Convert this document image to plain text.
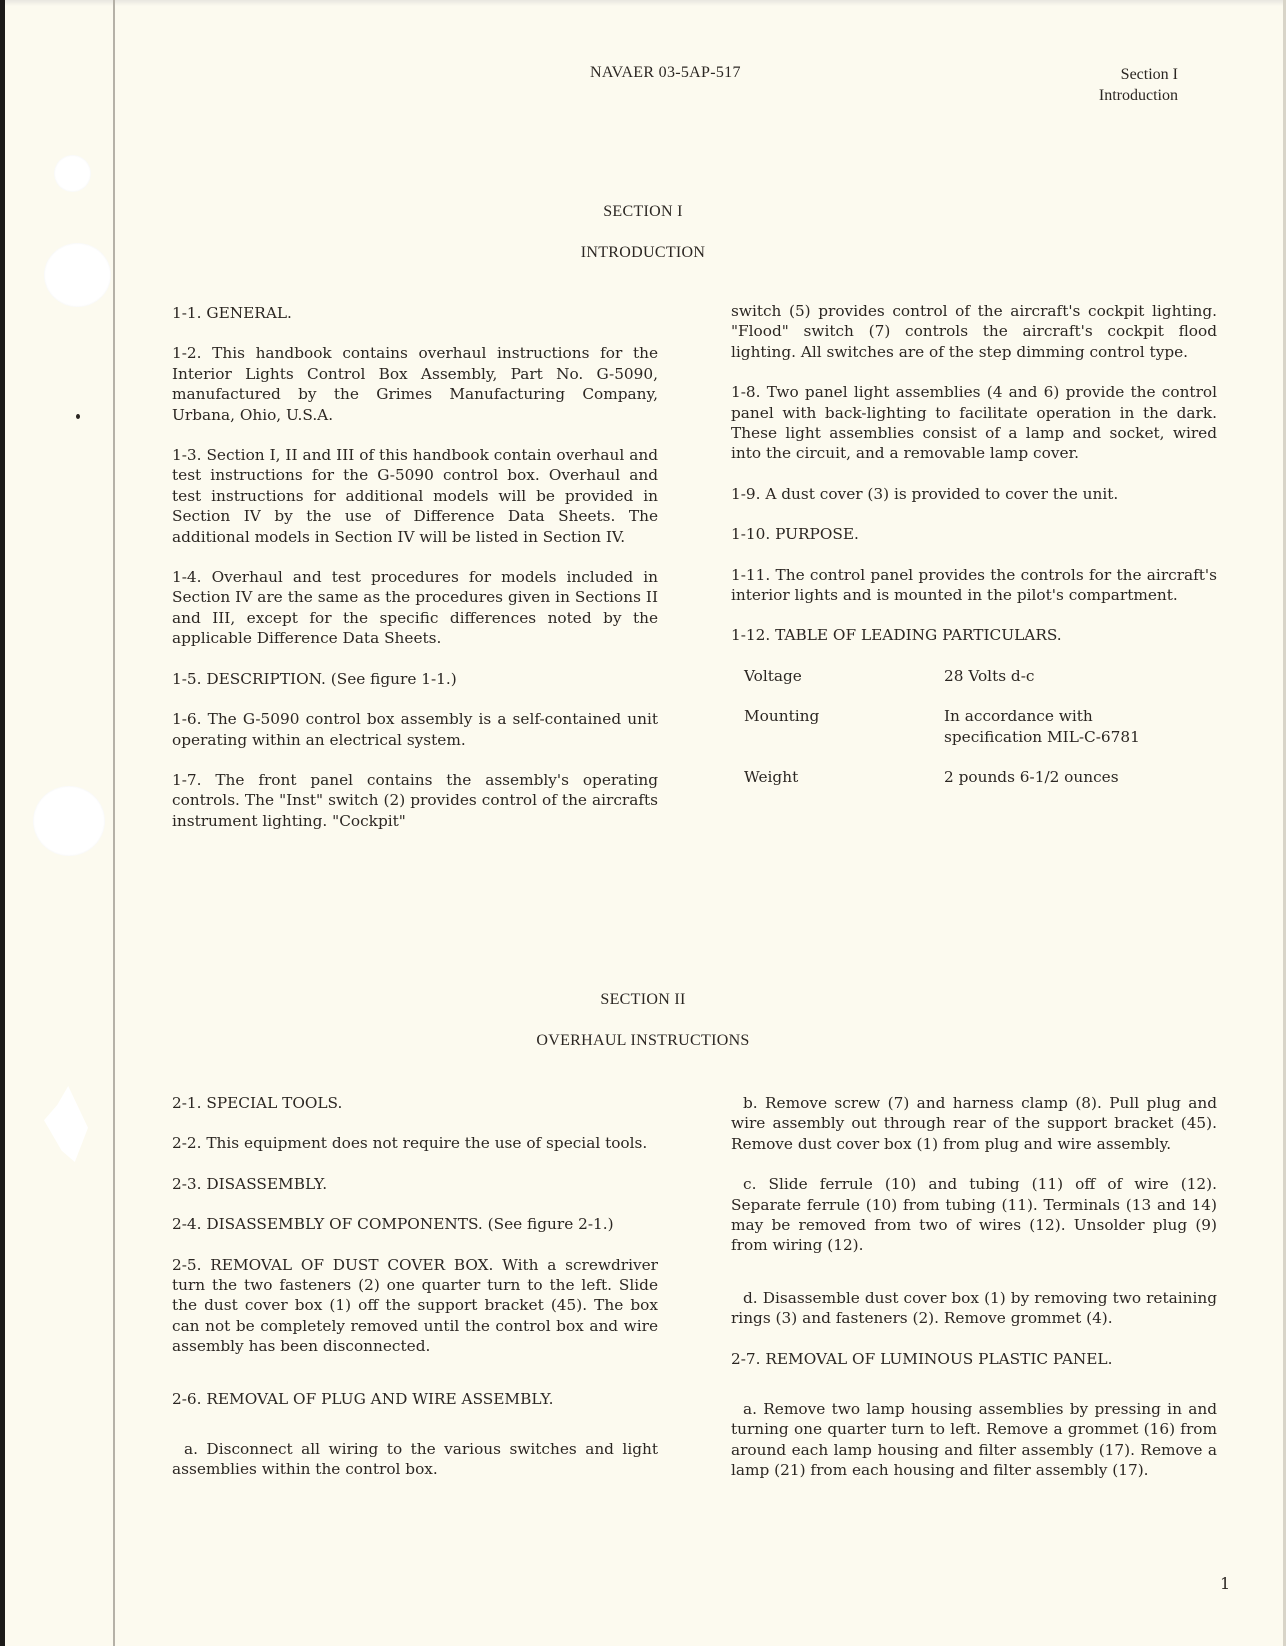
NAVAER 03-5AP-517	Section I
Introduction
SECTION I
INTRODUCTION

1-1. GENERAL.

1-2. This handbook contains overhaul instructions for the Interior Lights Control Box Assembly, Part No. G-5090, manufactured by the Grimes Manufacturing Company, Urbana, Ohio, U.S.A.

1-3. Section I, II and III of this handbook contain overhaul and test instructions for the G-5090 control box. Overhaul and test instructions for additional models will be provided in Section IV by the use of Difference Data Sheets. The additional models in Section IV will be listed in Section IV.

1-4. Overhaul and test procedures for models included in Section IV are the same as the procedures given in Sections II and III, except for the specific differences noted by the applicable Difference Data Sheets.

1-5. DESCRIPTION. (See figure 1-1.)

1-6. The G-5090 control box assembly is a self-contained unit operating within an electrical system.

1-7. The front panel contains the assembly's operating controls. The "Inst" switch (2) provides control of the aircrafts instrument lighting. "Cockpit"

switch (5) provides control of the aircraft's cockpit lighting. "Flood" switch (7) controls the aircraft's cockpit flood lighting. All switches are of the step dimming control type.

1-8. Two panel light assemblies (4 and 6) provide the control panel with back-lighting to facilitate operation in the dark. These light assemblies consist of a lamp and socket, wired into the circuit, and a removable lamp cover.

1-9. A dust cover (3) is provided to cover the unit.

1-10. PURPOSE.

1-11. The control panel provides the controls for the aircraft's interior lights and is mounted in the pilot's compartment.

1-12. TABLE OF LEADING PARTICULARS.

Voltage	28 Volts d-c
Mounting	In accordance with specification MIL-C-6781
Weight	2 pounds 6-1/2 ounces
SECTION II
OVERHAUL INSTRUCTIONS

2-1. SPECIAL TOOLS.

2-2. This equipment does not require the use of special tools.

2-3. DISASSEMBLY.

2-4. DISASSEMBLY OF COMPONENTS. (See figure 2-1.)

2-5. REMOVAL OF DUST COVER BOX. With a screwdriver turn the two fasteners (2) one quarter turn to the left. Slide the dust cover box (1) off the support bracket (45). The box can not be completely removed until the control box and wire assembly has been disconnected.

2-6. REMOVAL OF PLUG AND WIRE ASSEMBLY.

a. Disconnect all wiring to the various switches and light assemblies within the control box.

b. Remove screw (7) and harness clamp (8). Pull plug and wire assembly out through rear of the support bracket (45). Remove dust cover box (1) from plug and wire assembly.

c. Slide ferrule (10) and tubing (11) off of wire (12). Separate ferrule (10) from tubing (11). Terminals (13 and 14) may be removed from two of wires (12). Unsolder plug (9) from wiring (12).

d. Disassemble dust cover box (1) by removing two retaining rings (3) and fasteners (2). Remove grommet (4).

2-7. REMOVAL OF LUMINOUS PLASTIC PANEL.

a. Remove two lamp housing assemblies by pressing in and turning one quarter turn to left. Remove a grommet (16) from around each lamp housing and filter assembly (17). Remove a lamp (21) from each housing and filter assembly (17).

1
